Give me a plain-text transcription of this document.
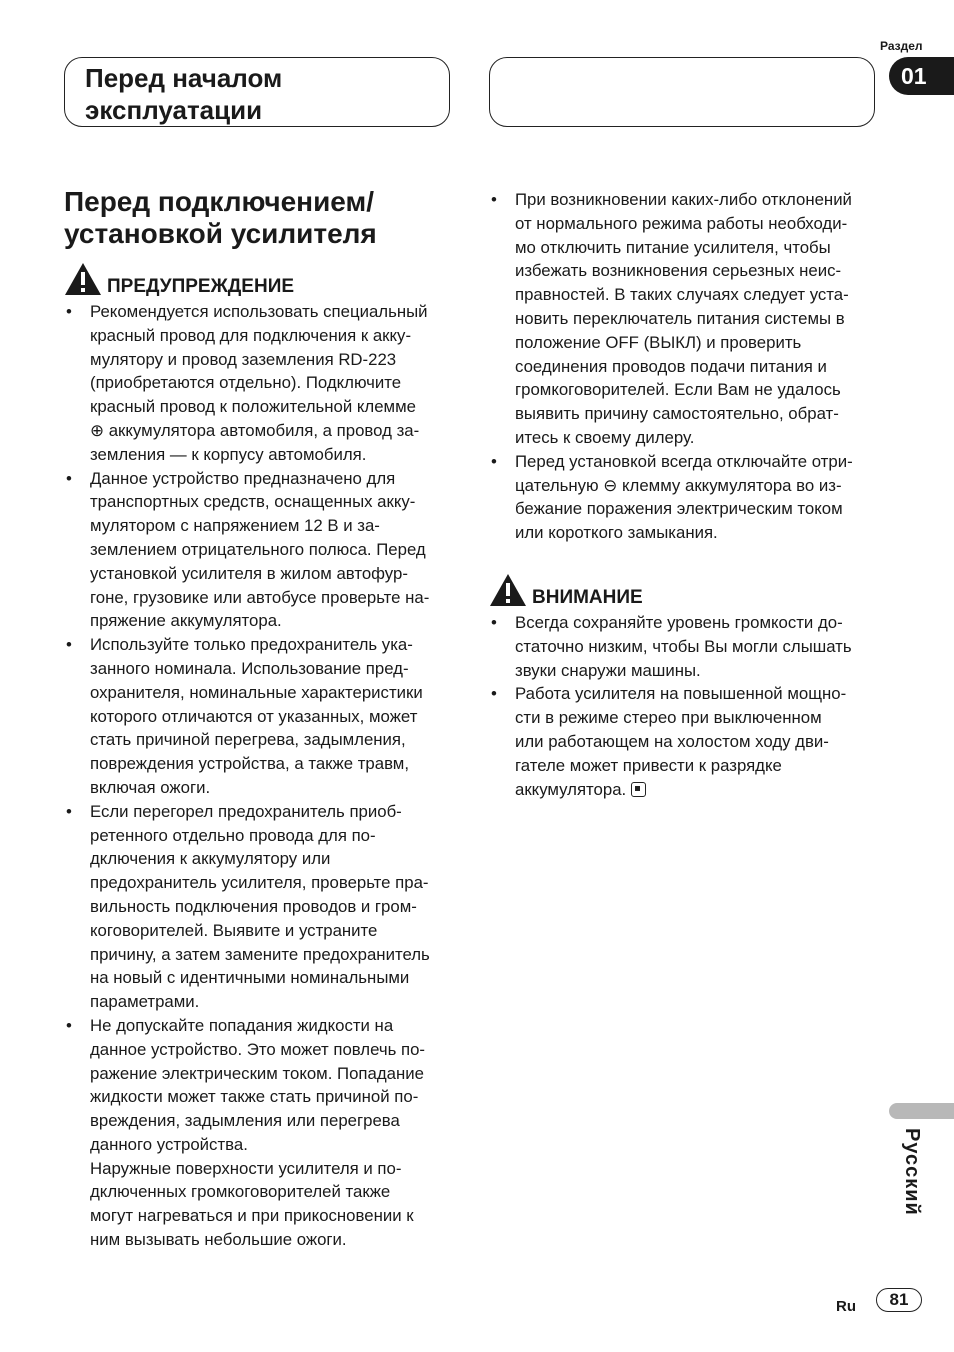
Перед началом эксплуатации
Раздел
01
Перед подключением/ установкой усилителя
ПРЕДУПРЕЖДЕНИЕ
• Рекомендуется использовать специальный
красный провод для подключения к акку-
мулятору и провод заземления RD-223
(приобретаются отдельно). Подключите
красный провод к положительной клемме
⊕ аккумулятора автомобиля, а провод за-
земления — к корпусу автомобиля.
• Данное устройство предназначено для
транспортных средств, оснащенных акку-
мулятором с напряжением 12 В и за-
землением отрицательного полюса. Перед
установкой усилителя в жилом автофур-
гоне, грузовике или автобусе проверьте на-
пряжение аккумулятора.
• Используйте только предохранитель ука-
занного номинала. Использование пред-
охранителя, номинальные характеристики
которого отличаются от указанных, может
стать причиной перегрева, задымления,
повреждения устройства, а также травм,
включая ожоги.
• Если перегорел предохранитель приоб-
ретенного отдельно провода для по-
дключения к аккумулятору или
предохранитель усилителя, проверьте пра-
вильность подключения проводов и гром-
коговорителей. Выявите и устраните
причину, а затем замените предохранитель
на новый с идентичными номинальными
параметрами.
• Не допускайте попадания жидкости на
данное устройство. Это может повлечь по-
ражение электрическим током. Попадание
жидкости может также стать причиной по-
вреждения, задымления или перегрева
данного устройства.
Наружные поверхности усилителя и по-
дключенных громкоговорителей также
могут нагреваться и при прикосновении к
ним вызывать небольшие ожоги.
• При возникновении каких-либо отклонений
от нормального режима работы необходи-
мо отключить питание усилителя, чтобы
избежать возникновения серьезных неис-
правностей. В таких случаях следует уста-
новить переключатель питания системы в
положение OFF (ВЫКЛ) и проверить
соединения проводов подачи питания и
громкоговорителей. Если Вам не удалось
выявить причину самостоятельно, обрат-
итесь к своему дилеру.
• Перед установкой всегда отключайте отри-
цательную ⊖ клемму аккумулятора во из-
бежание поражения электрическим током
или короткого замыкания.
ВНИМАНИЕ
• Всегда сохраняйте уровень громкости до-
статочно низким, чтобы Вы могли слышать
звуки снаружи машины.
• Работа усилителя на повышенной мощно-
сти в режиме стерео при выключенном
или работающем на холостом ходу дви-
гателе может привести к разрядке
аккумулятора.
Русский
Ru	81
